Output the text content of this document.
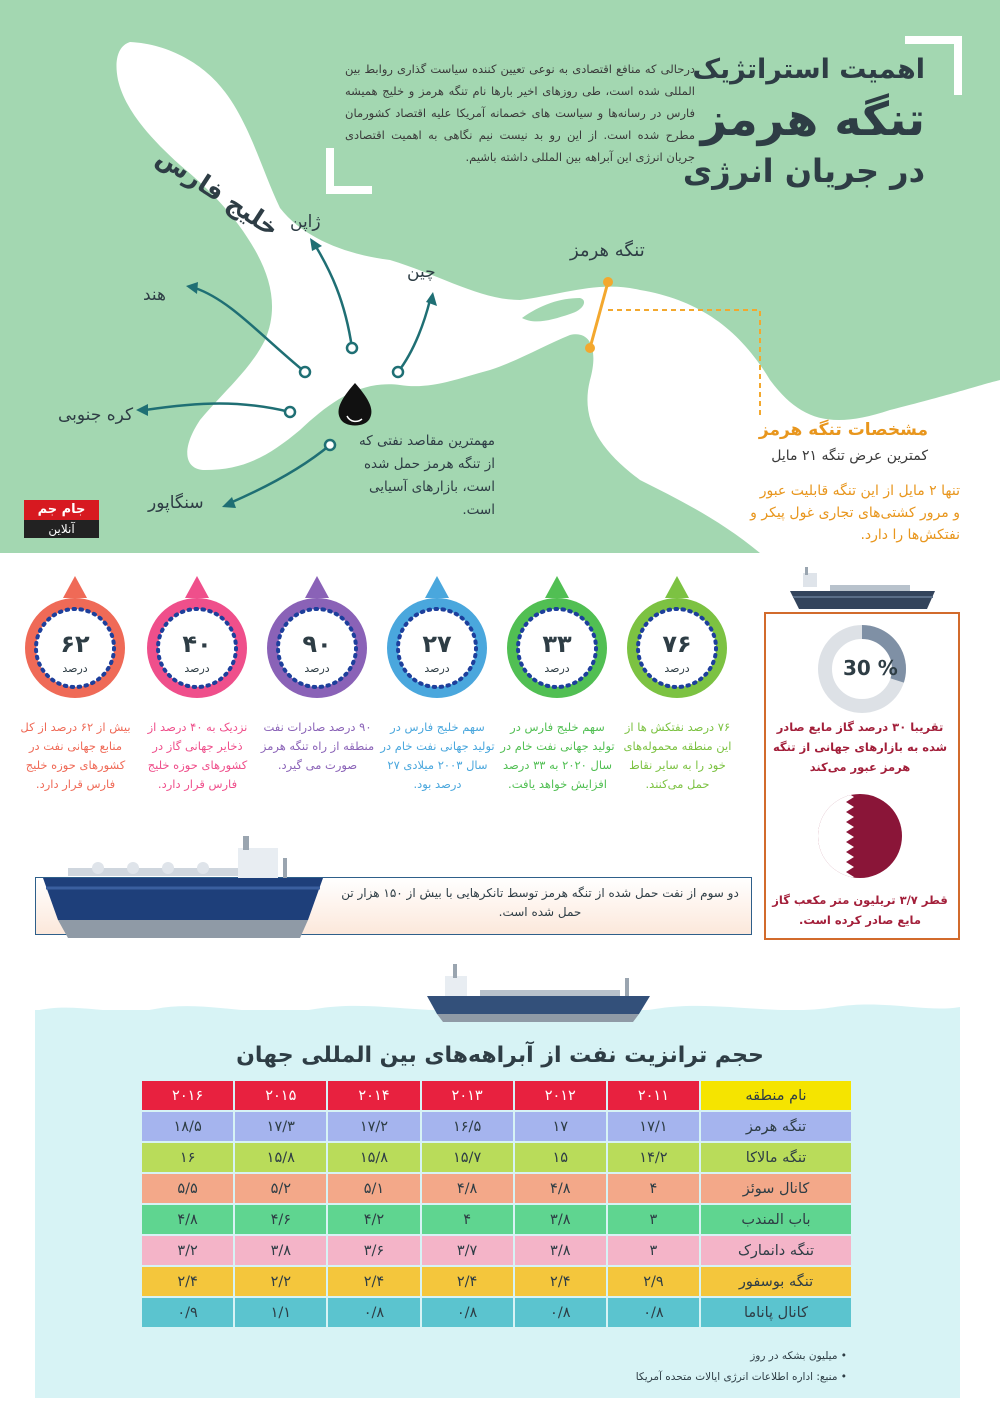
اهمیت استراتژیک
تنگه هرمز
در جریان انرژی
درحالی که منافع اقتصادی به نوعی تعیین کننده سیاست گذاری روابط بین المللی شده است، طی روزهای اخیر بارها نام تنگه هرمز و خلیج همیشه فارس در رسانه‌ها و سیاست های خصمانه آمریکا علیه اقتصاد کشورمان مطرح شده است. از این رو بد نیست نیم نگاهی به اهمیت اقتصادی جریان انرژی این آبراهه بین المللی داشته باشیم.
خلیج فارس
تنگه هرمز
ژاپن
چین
هند
کره جنوبی
سنگاپور
مهمترین مقاصد نفتی که از تنگه هرمز حمل شده است، بازارهای آسیایی است.
مشخصات تنگه هرمز
کمترین عرض تنگه ۲۱ مایل
تنها ۲ مایل از این تنگه قابلیت عبور و مرور کشتی‌های تجاری غول پیکر و نفتکش‌ها را دارد.
جام جم
آنلاین
۶۲
درصد
بیش از ۶۲ درصد از کل منابع جهانی نفت در کشورهای حوزه خلیج فارس قرار دارد.
۴۰
درصد
نزدیک به ۴۰ درصد از ذخایر جهانی گاز در کشورهای حوزه خلیج فارس قرار دارد.
۹۰
درصد
۹۰ درصد صادرات نفت منطقه از راه تنگه هرمز صورت می گیرد.
۲۷
درصد
سهم خلیج فارس در تولید جهانی نفت خام در سال ۲۰۰۳ میلادی ۲۷ درصد بود.
۳۳
درصد
سهم خلیج فارس در تولید جهانی نفت خام در سال ۲۰۲۰ به ۳۳ درصد افزایش خواهد یافت.
۷۶
درصد
۷۶ درصد نفتکش ها از این منطقه محموله‌های خود را به سایر نقاط حمل می‌کنند.
30 %
تقریبا ۳۰ درصد گاز مایع صادر شده به بازارهای جهانی از تنگه هرمز عبور می‌کند
قطر ۳/۷ تریلیون متر مکعب گاز مایع صادر کرده است.
دو سوم از نفت حمل شده از تنگه هرمز توسط تانکرهایی با بیش از ۱۵۰ هزار تن حمل شده است.
حجم ترانزیت نفت از آبراهه‌های بین المللی جهان
نام منطقه	۲۰۱۱	۲۰۱۲	۲۰۱۳	۲۰۱۴	۲۰۱۵	۲۰۱۶
تنگه هرمز	۱۷/۱	۱۷	۱۶/۵	۱۷/۲	۱۷/۳	۱۸/۵
تنگه مالاکا	۱۴/۲	۱۵	۱۵/۷	۱۵/۸	۱۵/۸	۱۶
کانال سوئز	۴	۴/۸	۴/۸	۵/۱	۵/۲	۵/۵
باب المندب	۳	۳/۸	۴	۴/۲	۴/۶	۴/۸
تنگه دانمارک	۳	۳/۸	۳/۷	۳/۶	۳/۸	۳/۲
تنگه بوسفور	۲/۹	۲/۴	۲/۴	۲/۴	۲/۲	۲/۴
کانال پاناما	۰/۸	۰/۸	۰/۸	۰/۸	۱/۱	۰/۹
• میلیون بشکه در روز
• منبع: اداره اطلاعات انرژی ایالات متحده آمریکا
